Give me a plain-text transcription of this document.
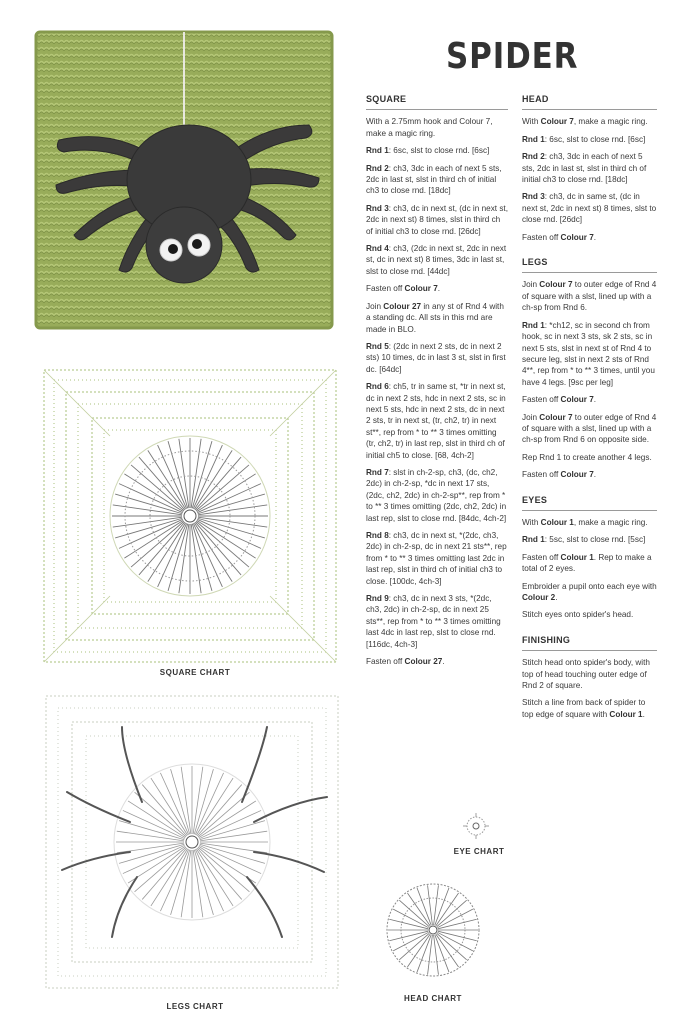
SQUARE CHART
LEGS CHART
EYE CHART
HEAD CHART
SPIDER
SQUARE

With a 2.75mm hook and Colour 7, make a magic ring.

Rnd 1: 6sc, slst to close rnd. [6sc]

Rnd 2: ch3, 3dc in each of next 5 sts, 2dc in last st, slst in third ch of initial ch3 to close rnd. [18dc]

Rnd 3: ch3, dc in next st, (dc in next st, 2dc in next st) 8 times, slst in third ch of initial ch3 to close rnd. [26dc]

Rnd 4: ch3, (2dc in next st, 2dc in next st, dc in next st) 8 times, 3dc in last st, slst to close rnd. [44dc]

Fasten off Colour 7.

Join Colour 27 in any st of Rnd 4 with a standing dc. All sts in this rnd are made in BLO.

Rnd 5: (2dc in next 2 sts, dc in next 2 sts) 10 times, dc in last 3 st, slst in first dc. [64dc]

Rnd 6: ch5, tr in same st, *tr in next st, dc in next 2 sts, hdc in next 2 sts, sc in next 5 sts, hdc in next 2 sts, dc in next 2 sts, tr in next st, (tr, ch2, tr) in next st**, rep from * to ** 3 times omitting (tr, ch2, tr) in last rep, slst in third ch of initial ch5 to close. [68, 4ch-2]

Rnd 7: slst in ch-2-sp, ch3, (dc, ch2, 2dc) in ch-2-sp, *dc in next 17 sts, (2dc, ch2, 2dc) in ch-2-sp**, rep from * to ** 3 times omitting (2dc, ch2, 2dc) in last rep, slst to close rnd. [84dc, 4ch-2]

Rnd 8: ch3, dc in next st, *(2dc, ch3, 2dc) in ch-2-sp, dc in next 21 sts**, rep from * to ** 3 times omitting last 2dc in last rep, slst in third ch of initial ch3 to close. [100dc, 4ch-3]

Rnd 9: ch3, dc in next 3 sts, *(2dc, ch3, 2dc) in ch-2-sp, dc in next 25 sts**, rep from * to ** 3 times omitting last 4dc in last rep, slst to close rnd. [116dc, 4ch-3]

Fasten off Colour 27.

HEAD

With Colour 7, make a magic ring.

Rnd 1: 6sc, slst to close rnd. [6sc]

Rnd 2: ch3, 3dc in each of next 5 sts, 2dc in last st, slst in third ch of initial ch3 to close rnd. [18dc]

Rnd 3: ch3, dc in same st, (dc in next st, 2dc in next st) 8 times, slst to close rnd. [26dc]

Fasten off Colour 7.

LEGS

Join Colour 7 to outer edge of Rnd 4 of square with a slst, lined up with a ch-sp from Rnd 6.

Rnd 1: *ch12, sc in second ch from hook, sc in next 3 sts, sk 2 sts, sc in next 5 sts, slst in next st of Rnd 4 to secure leg, slst in next 2 sts of Rnd 4**, rep from * to ** 3 times, until you have 4 legs. [9sc per leg]

Fasten off Colour 7.

Join Colour 7 to outer edge of Rnd 4 of square with a slst, lined up with a ch-sp from Rnd 6 on opposite side.

Rep Rnd 1 to create another 4 legs.

Fasten off Colour 7.

EYES

With Colour 1, make a magic ring.

Rnd 1: 5sc, slst to close rnd. [5sc]

Fasten off Colour 1. Rep to make a total of 2 eyes.

Embroider a pupil onto each eye with Colour 2.

Stitch eyes onto spider's head.

FINISHING

Stitch head onto spider's body, with top of head touching outer edge of Rnd 2 of square.

Stitch a line from back of spider to top edge of square with Colour 1.
